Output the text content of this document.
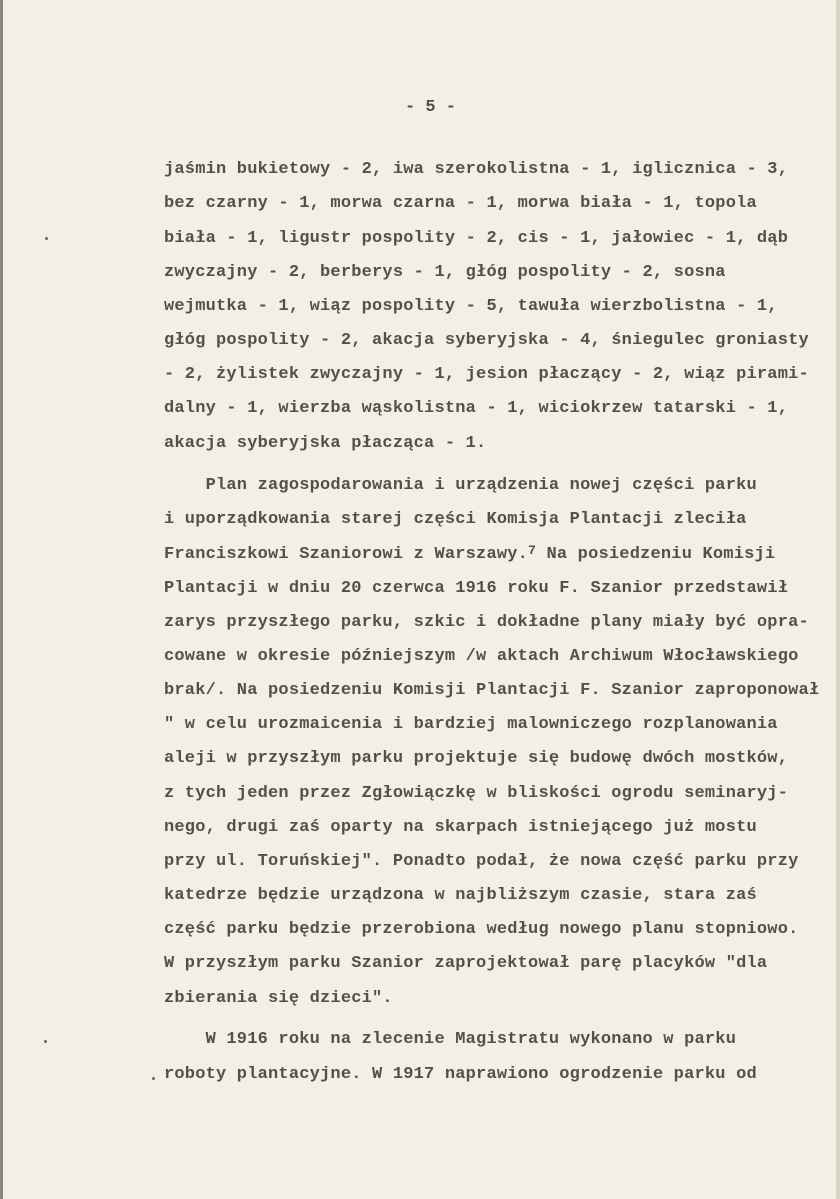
- 5 -
jaśmin bukietowy - 2, iwa szerokolistna - 1, iglicznica - 3,
bez czarny - 1, morwa czarna - 1, morwa biała - 1, topola
biała - 1, ligustr pospolity - 2, cis - 1, jałowiec - 1, dąb
zwyczajny - 2, berberys - 1, głóg pospolity - 2, sosna
wejmutka - 1, wiąz pospolity - 5, tawuła wierzbolistna - 1,
głóg pospolity - 2, akacja syberyjska - 4, śniegulec groniasty
- 2, żylistek zwyczajny - 1, jesion płaczący - 2, wiąz pirami-
dalny - 1, wierzba wąskolistna - 1, wiciokrzew tatarski - 1,
akacja syberyjska płacząca - 1.
Plan zagospodarowania i urządzenia nowej części parku
i uporządkowania starej części Komisja Plantacji zleciła
Franciszkowi Szaniorowi z Warszawy.$^7$ Na posiedzeniu Komisji
Plantacji w dniu 20 czerwca 1916 roku F. Szanior przedstawił
zarys przyszłego parku, szkic i dokładne plany miały być opra-
cowane w okresie późniejszym /w aktach Archiwum Włocławskiego
brak/. Na posiedzeniu Komisji Plantacji F. Szanior zaproponował
" w celu urozmaicenia i bardziej malowniczego rozplanowania
aleji w przyszłym parku projektuje się budowę dwóch mostków,
z tych jeden przez Zgłowiączkę w bliskości ogrodu seminaryj-
nego, drugi zaś oparty na skarpach istniejącego już mostu
przy ul. Toruńskiej". Ponadto podał, że nowa część parku przy
katedrze będzie urządzona w najbliższym czasie, stara zaś
część parku będzie przerobiona według nowego planu stopniowo.
W przyszłym parku Szanior zaprojektował parę placyków "dla
zbierania się dzieci".
W 1916 roku na zlecenie Magistratu wykonano w parku
roboty plantacyjne. W 1917 naprawiono ogrodzenie parku od
